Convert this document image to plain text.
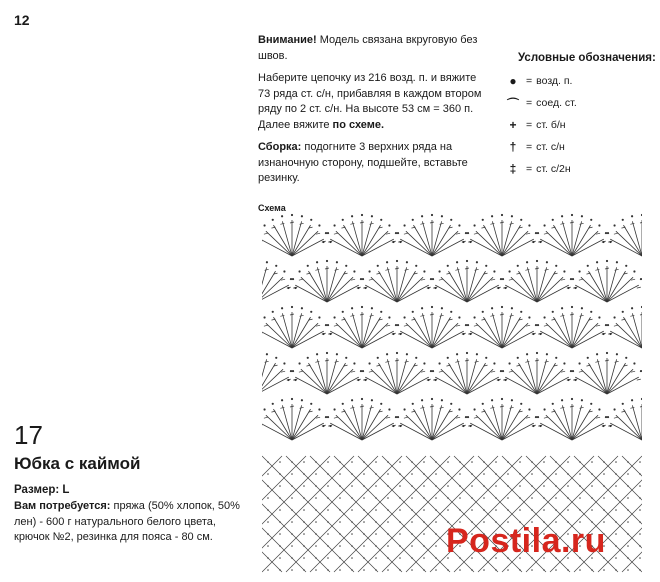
12

Внимание! Модель связана вкруговую без швов.

Наберите цепочку из 216 возд. п. и вяжите 73 ряда ст. с/н, прибавляя в каждом втором ряду по 2 ст. с/н. На высоте 53 см = 360 п. Далее вяжите по схеме.

Сборка: подогните 3 верхних ряда на изнаночную сторону, подшейте, вставьте резинку.

Условные обозначения:
● = возд. п.
⌒ = соед. ст.
+ = ст. б/н
† = ст. с/н
‡ = ст. с/2н
Схема
17
Юбка с каймой
Размер: L
Вам потребуется: пряжа (50% хлопок, 50% лен) - 600 г натурального белого цвета, крючок №2, резинка для пояса - 80 см.	Postila.ru
